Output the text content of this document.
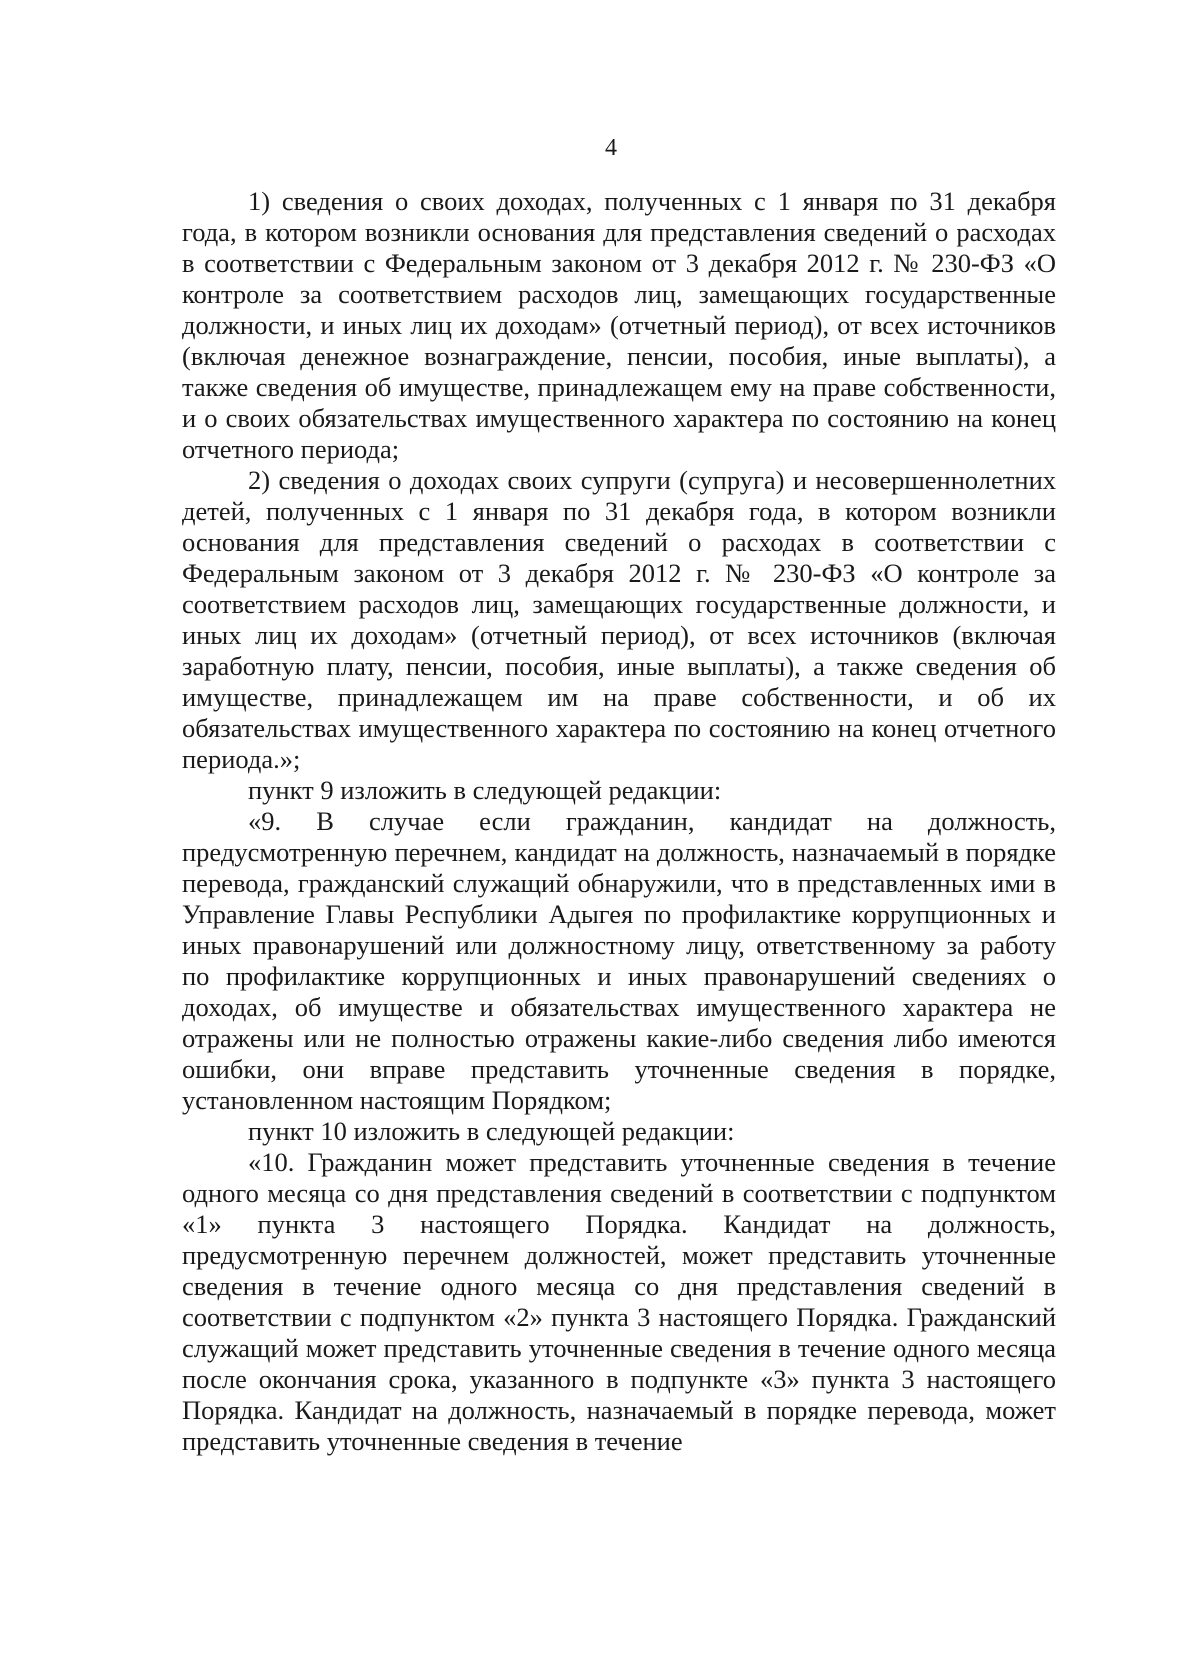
4

1) сведения о своих доходах, полученных с 1 января по 31 декабря года, в котором возникли основания для представления сведений о расходах в соответствии с Федеральным законом от 3 декабря 2012 г. № 230-ФЗ «О контроле за соответствием расходов лиц, замещающих государственные должности, и иных лиц их доходам» (отчетный период), от всех источников (включая денежное вознаграждение, пенсии, пособия, иные выплаты), а также сведения об имуществе, принадлежащем ему на праве собственности, и о своих обязательствах имущественного характера по состоянию на конец отчетного периода;

2) сведения о доходах своих супруги (супруга) и несовершеннолетних детей, полученных с 1 января по 31 декабря года, в котором возникли основания для представления сведений о расходах в соответствии с Федеральным законом от 3 декабря 2012 г. № 230-ФЗ «О контроле за соответствием расходов лиц, замещающих государственные должности, и иных лиц их доходам» (отчетный период), от всех источников (включая заработную плату, пенсии, пособия, иные выплаты), а также сведения об имуществе, принадлежащем им на праве собственности, и об их обязательствах имущественного характера по состоянию на конец отчетного периода.»;

пункт 9 изложить в следующей редакции:

«9. В случае если гражданин, кандидат на должность, предусмотренную перечнем, кандидат на должность, назначаемый в порядке перевода, гражданский служащий обнаружили, что в представленных ими в Управление Главы Республики Адыгея по профилактике коррупционных и иных правонарушений или должностному лицу, ответственному за работу по профилактике коррупционных и иных правонарушений сведениях о доходах, об имуществе и обязательствах имущественного характера не отражены или не полностью отражены какие-либо сведения либо имеются ошибки, они вправе представить уточненные сведения в порядке, установленном настоящим Порядком;

пункт 10 изложить в следующей редакции:

«10. Гражданин может представить уточненные сведения в течение одного месяца со дня представления сведений в соответствии с подпунктом «1» пункта 3 настоящего Порядка. Кандидат на должность, предусмотренную перечнем должностей, может представить уточненные сведения в течение одного месяца со дня представления сведений в соответствии с подпунктом «2» пункта 3 настоящего Порядка. Гражданский служащий может представить уточненные сведения в течение одного месяца после окончания срока, указанного в подпункте «3» пункта 3 настоящего Порядка. Кандидат на должность, назначаемый в порядке перевода, может представить уточненные сведения в течение
